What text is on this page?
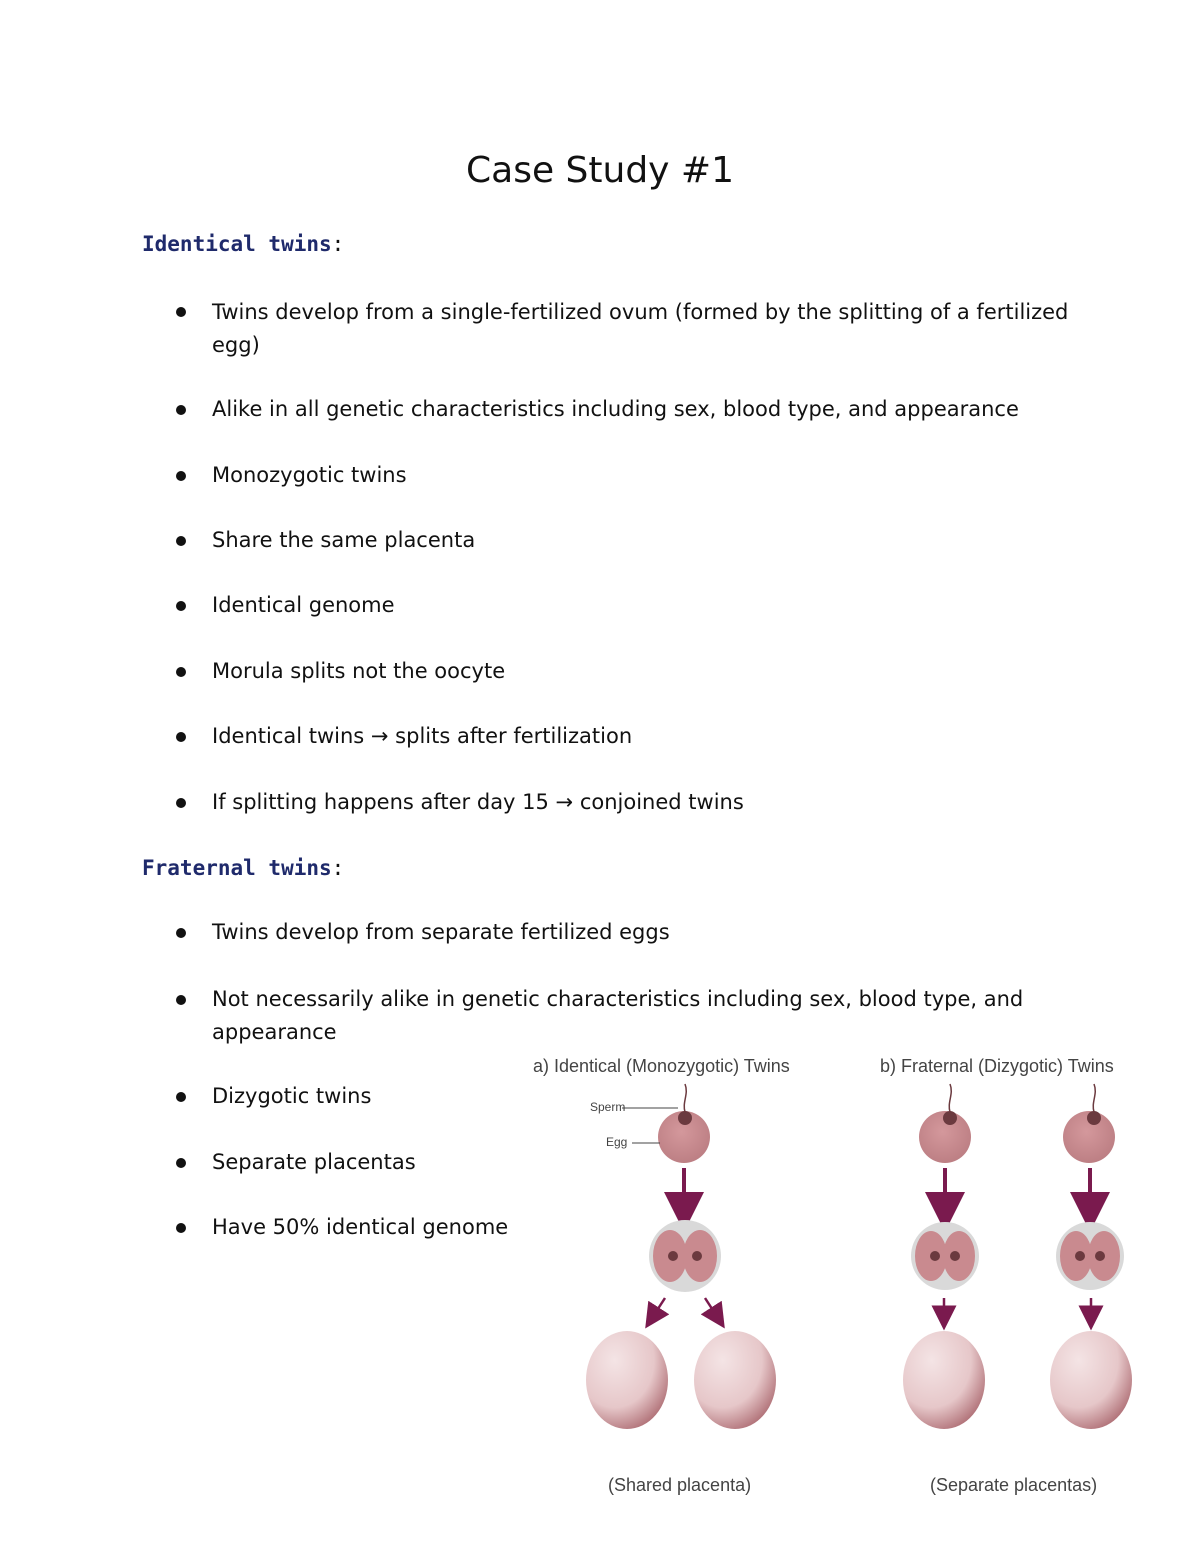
Case Study #1
Identical twins:
Twins develop from a single-fertilized ovum (formed by the splitting of a fertilized egg)
Alike in all genetic characteristics including sex, blood type, and appearance
Monozygotic twins
Share the same placenta
Identical genome
Morula splits not the oocyte
Identical twins → splits after fertilization
If splitting happens after day 15 → conjoined twins
Fraternal twins:
Twins develop from separate fertilized eggs
Not necessarily alike in genetic characteristics including sex, blood type, and appearance
Dizygotic twins
Separate placentas
Have 50% identical genome
a) Identical (Monozygotic) Twins	b) Fraternal (Dizygotic) Twins
Sperm
Egg
(Shared placenta)	(Separate placentas)
